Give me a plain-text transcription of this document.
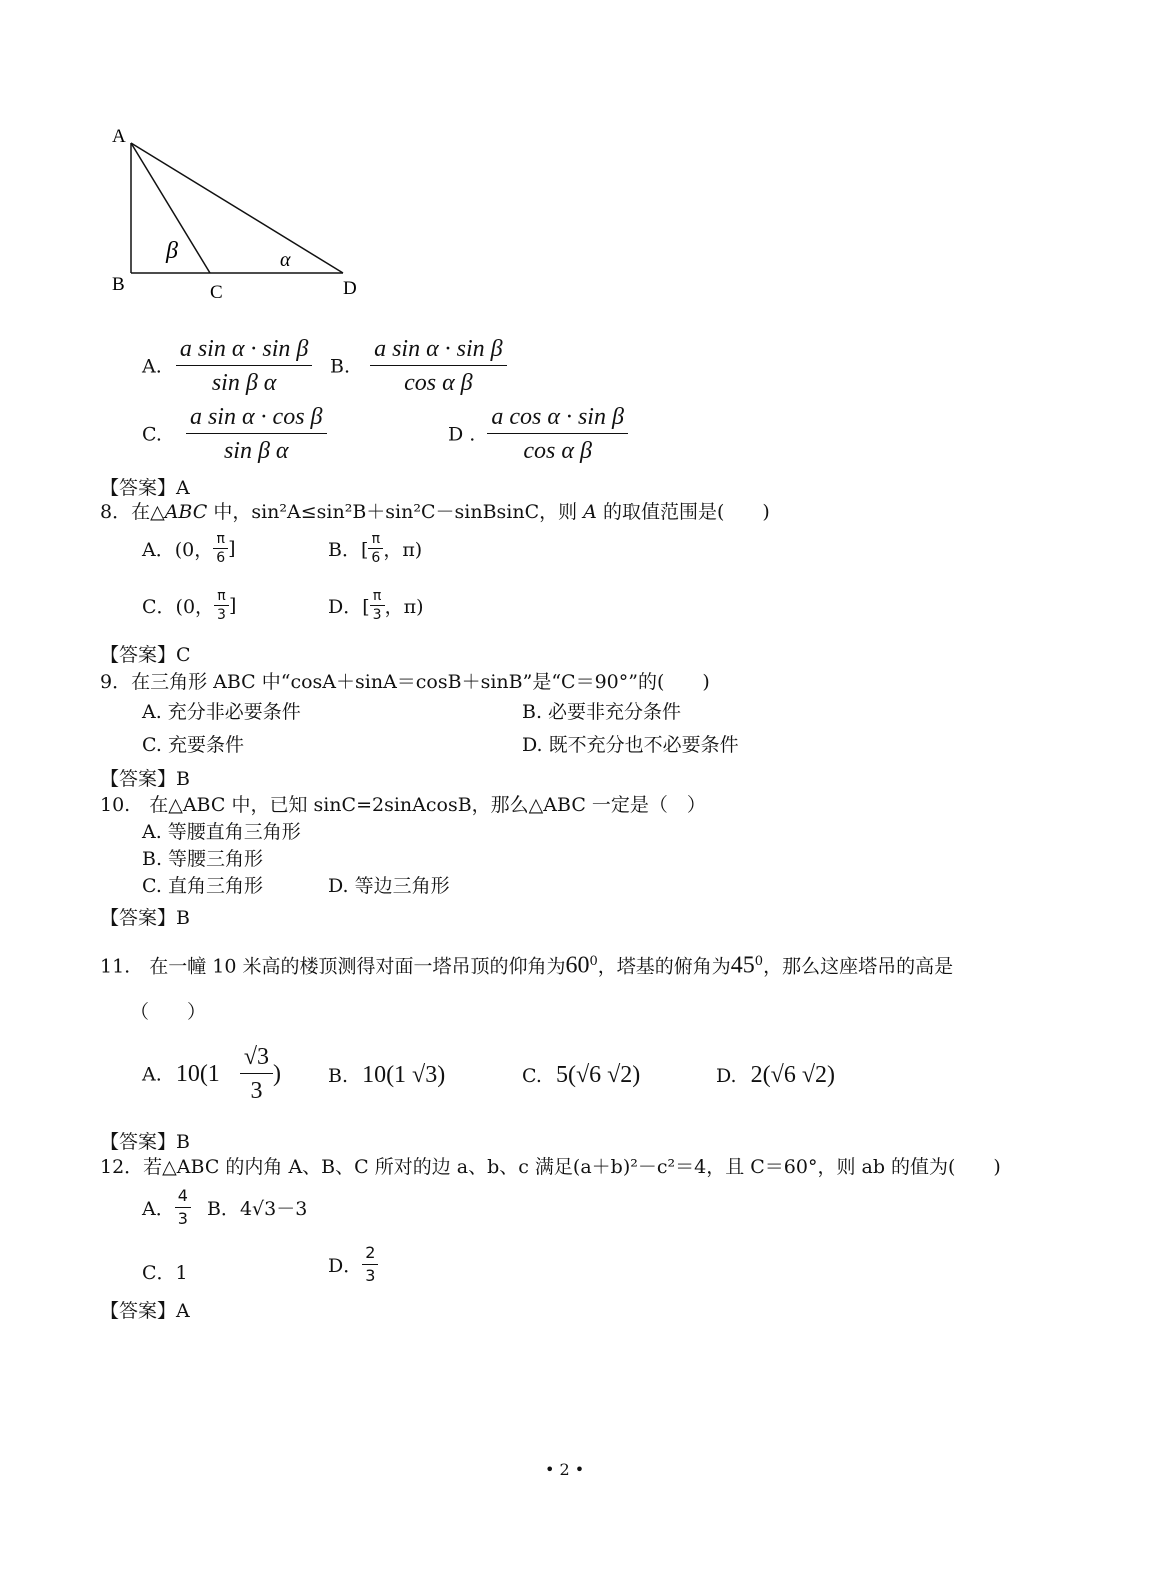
A
B	C	D
β	α
A. $\frac{\text{a sin α · sin β}}{\text{sin β α}} B$. $\frac{\text{a sin α · sin β}}{\text{cos α β}}$
C. $\frac{\text{a sin α · cos β}}{\text{sin β α}}$	D . $\frac{\text{a cos α · sin β}}{\text{cos α β}}$
【答案】A
8．在△ABC 中，sin²A≤sin²B＋sin²C－sinBsinC，则 A 的取值范围是(　　)
A．(0， $\frac{\pi}{6}$ ]	B．[ $\frac{\pi}{6}$ ，π)
C．(0， $\frac{\pi}{3}$ ]	D．[ $\frac{\pi}{3}$ ，π)
【答案】C
9．在三角形 ABC 中“cosA＋sinA＝cosB＋sinB”是“C＝90°”的(　　)
A. 充分非必要条件	B. 必要非充分条件
C. 充要条件	D. 既不充分也不必要条件
【答案】B
10.　在△ABC 中，已知 sinC=2sinAcosB，那么△ABC 一定是（　）
A. 等腰直角三角形
B. 等腰三角形
C. 直角三角形	D. 等边三角形
【答案】B
11.　在一幢 10 米高的楼顶测得对面一塔吊顶的仰角为$60^0$，塔基的俯角为$45^0$，那么这座塔吊的高是
（　　）
A. $10(1 \frac{√3}{3}$ ) B. 10(1 √3)	C. 5(√6 √2)	D. 2(√6 √2)
【答案】B
12．若△ABC 的内角 A、B、C 所对的边 a、b、c 满足(a＋b)²－c²＝4，且 C＝60°，则 ab 的值为(　　)
A． $\frac{4}{3}$ B．4√3－3
C．1	D． $\frac{2}{3}$
【答案】A
• 2 •
